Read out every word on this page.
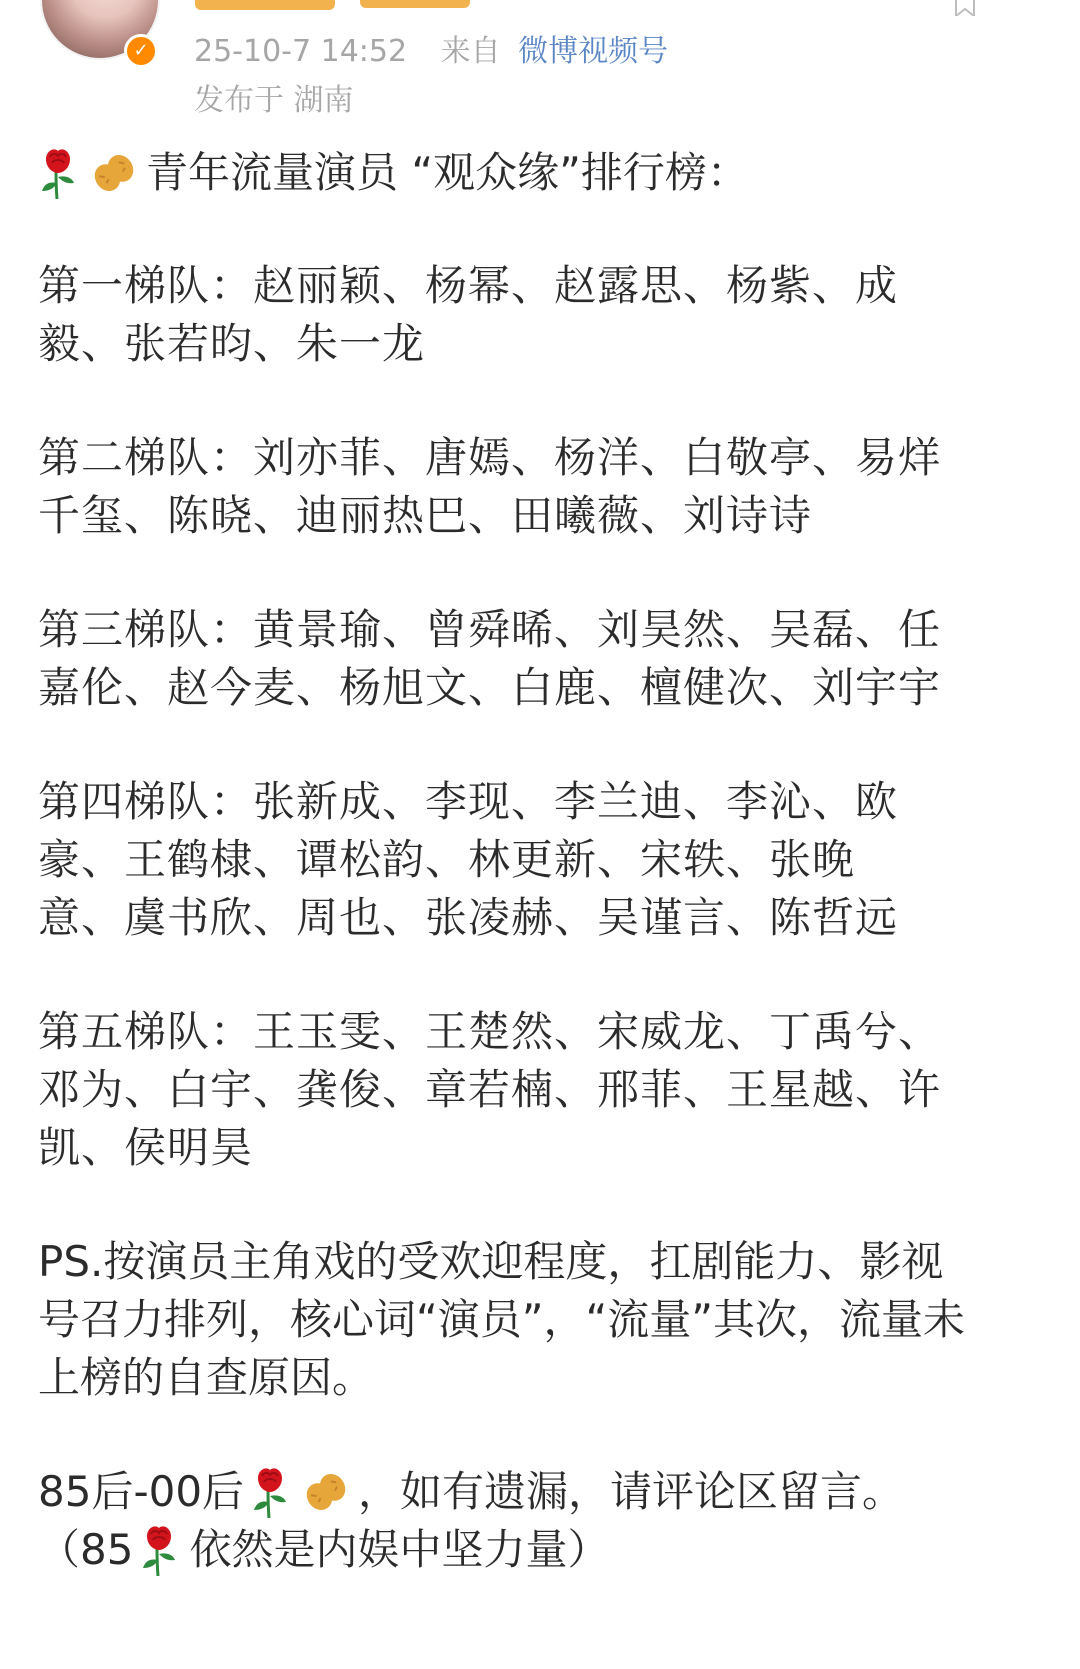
✓	25-10-7 14:52 来自 微博视频号
发布于 湖南
青年流量演员 “观众缘”排行榜：
第一梯队：赵丽颖、杨幂、赵露思、杨紫、成毅、张若昀、朱一龙
第二梯队：刘亦菲、唐嫣、杨洋、白敬亭、易烊千玺、陈晓、迪丽热巴、田曦薇、刘诗诗
第三梯队：黄景瑜、曾舜晞、刘昊然、吴磊、任嘉伦、赵今麦、杨旭文、白鹿、檀健次、刘宇宇
第四梯队：张新成、李现、李兰迪、李沁、欧豪、王鹤棣、谭松韵、林更新、宋轶、张晚意、虞书欣、周也、张凌赫、吴谨言、陈哲远
第五梯队：王玉雯、王楚然、宋威龙、丁禹兮、邓为、白宇、龚俊、章若楠、邢菲、王星越、许凯、侯明昊
PS.按演员主角戏的受欢迎程度，扛剧能力、影视号召力排列，核心词“演员”，“流量”其次，流量未上榜的自查原因。
85后-00后	，如有遗漏，请评论区留言。
（85 依然是内娱中坚力量）
